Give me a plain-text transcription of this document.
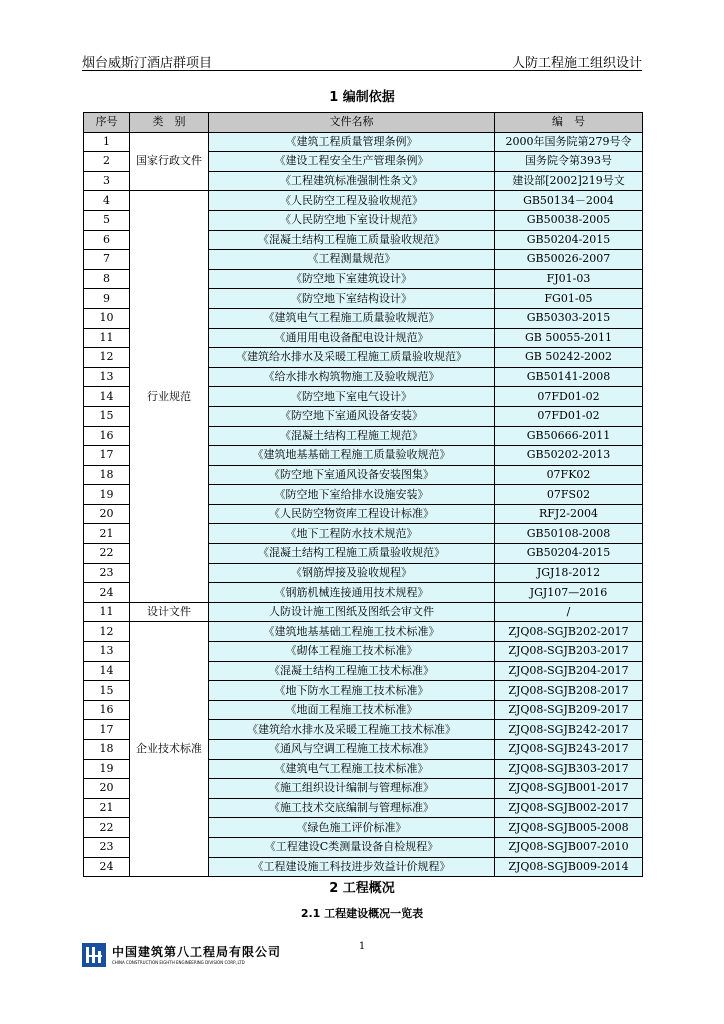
烟台威斯汀酒店群项目	人防工程施工组织设计
1 编制依据
序号	类　别	文件名称	编　号
1	国家行政文件	《建筑工程质量管理条例》	2000年国务院第279号令
2		《建设工程安全生产管理条例》	国务院令第393号
3		《工程建筑标准强制性条文》	建设部[2002]219号文
4	行业规范	《人民防空工程及验收规范》	GB50134－2004
5		《人民防空地下室设计规范》	GB50038-2005
6		《混凝土结构工程施工质量验收规范》	GB50204-2015
7		《工程测量规范》	GB50026-2007
8		《防空地下室建筑设计》	FJ01-03
9		《防空地下室结构设计》	FG01-05
10		《建筑电气工程施工质量验收规范》	GB50303-2015
11		《通用用电设备配电设计规范》	GB 50055-2011
12		《建筑给水排水及采暖工程施工质量验收规范》	GB 50242-2002
13		《给水排水构筑物施工及验收规范》	GB50141-2008
14		《防空地下室电气设计》	07FD01-02
15		《防空地下室通风设备安装》	07FD01-02
16		《混凝土结构工程施工规范》	GB50666-2011
17		《建筑地基基础工程施工质量验收规范》	GB50202-2013
18		《防空地下室通风设备安装图集》	07FK02
19		《防空地下室给排水设施安装》	07FS02
20		《人民防空物资库工程设计标准》	RFJ2-2004
21		《地下工程防水技术规范》	GB50108-2008
22		《混凝土结构工程施工质量验收规范》	GB50204-2015
23		《钢筋焊接及验收规程》	JGJ18-2012
24		《钢筋机械连接通用技术规程》	JGJ107—2016
11	设计文件	人防设计施工图纸及图纸会审文件	/
12	企业技术标准	《建筑地基基础工程施工技术标准》	ZJQ08-SGJB202-2017
13		《砌体工程施工技术标准》	ZJQ08-SGJB203-2017
14		《混凝土结构工程施工技术标准》	ZJQ08-SGJB204-2017
15		《地下防水工程施工技术标准》	ZJQ08-SGJB208-2017
16		《地面工程施工技术标准》	ZJQ08-SGJB209-2017
17		《建筑给水排水及采暖工程施工技术标准》	ZJQ08-SGJB242-2017
18		《通风与空调工程施工技术标准》	ZJQ08-SGJB243-2017
19		《建筑电气工程施工技术标准》	ZJQ08-SGJB303-2017
20		《施工组织设计编制与管理标准》	ZJQ08-SGJB001-2017
21		《施工技术交底编制与管理标准》	ZJQ08-SGJB002-2017
22		《绿色施工评价标准》	ZJQ08-SGJB005-2008
23		《工程建设C类测量设备自检规程》	ZJQ08-SGJB007-2010
24		《工程建设施工科技进步效益计价规程》	ZJQ08-SGJB009-2014
2 工程概况
2.1 工程建设概况一览表
中国建筑第八工程局有限公司
CHINA CONSTRUCTION EIGHTH ENGINEERING DIVISION CORP.,LTD
1
